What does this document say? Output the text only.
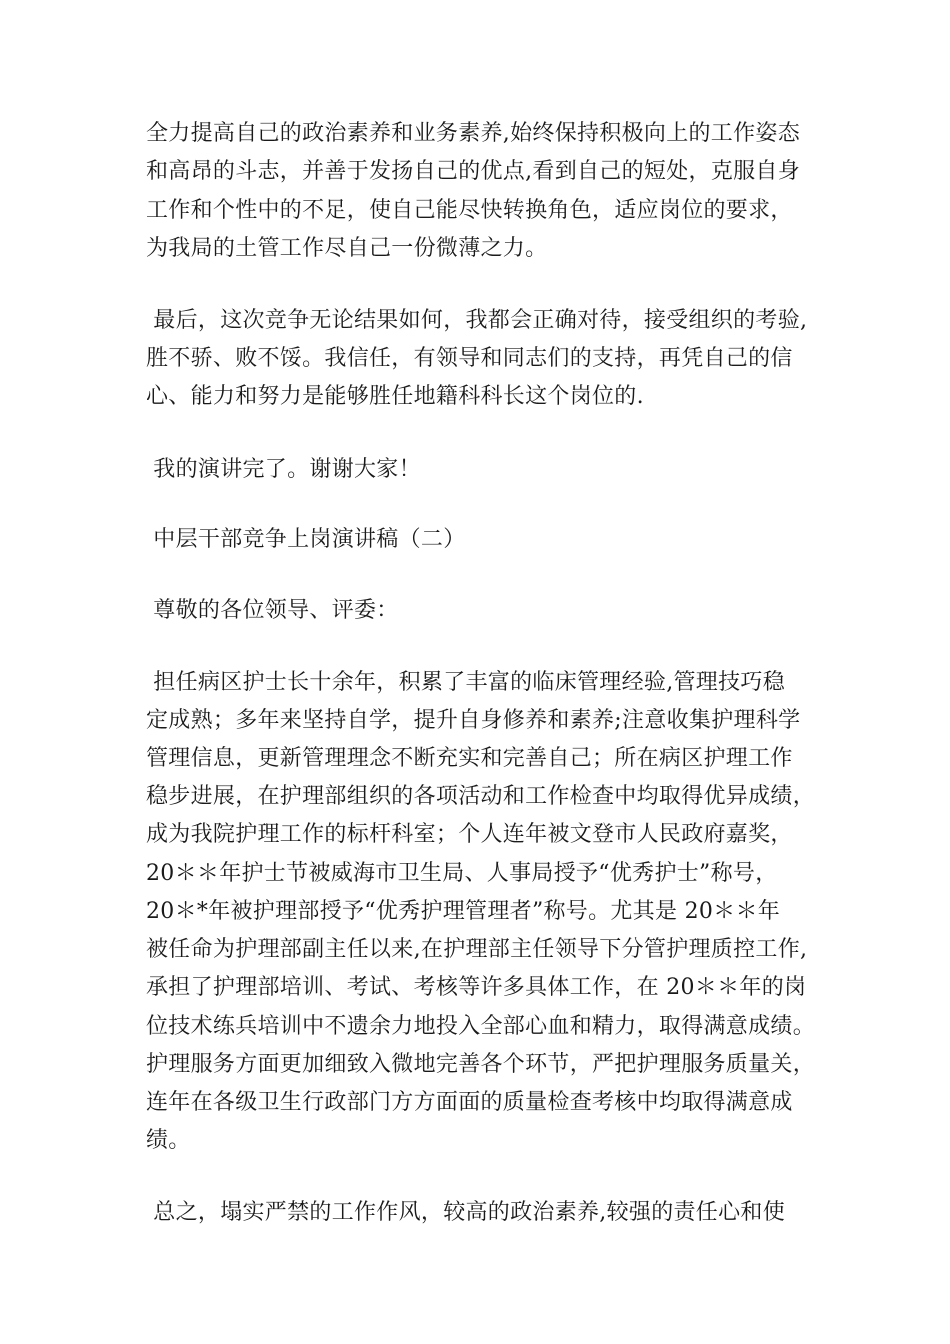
全力提高自己的政治素养和业务素养,始终保持积极向上的工作姿态
和高昂的斗志，并善于发扬自己的优点,看到自己的短处，克服自身
工作和个性中的不足，使自己能尽快转换角色，适应岗位的要求，
为我局的土管工作尽自己一份微薄之力。
最后，这次竞争无论结果如何，我都会正确对待，接受组织的考验,
胜不骄、败不馁。我信任，有领导和同志们的支持，再凭自己的信
心、能力和努力是能够胜任地籍科科长这个岗位的.
我的演讲完了。谢谢大家！
中层干部竞争上岗演讲稿（二）
尊敬的各位领导、评委：
担任病区护士长十余年，积累了丰富的临床管理经验,管理技巧稳
定成熟；多年来坚持自学，提升自身修养和素养;注意收集护理科学
管理信息，更新管理理念不断充实和完善自己；所在病区护理工作
稳步进展，在护理部组织的各项活动和工作检查中均取得优异成绩，
成为我院护理工作的标杆科室；个人连年被文登市人民政府嘉奖，
20＊＊年护士节被威海市卫生局、人事局授予“优秀护士”称号，
20＊*年被护理部授予“优秀护理管理者”称号。尤其是 20＊＊年
被任命为护理部副主任以来,在护理部主任领导下分管护理质控工作,
承担了护理部培训、考试、考核等许多具体工作，在 20＊＊年的岗
位技术练兵培训中不遗余力地投入全部心血和精力，取得满意成绩。
护理服务方面更加细致入微地完善各个环节，严把护理服务质量关，
连年在各级卫生行政部门方方面面的质量检查考核中均取得满意成
绩。
总之，塌实严禁的工作作风，较高的政治素养,较强的责任心和使
